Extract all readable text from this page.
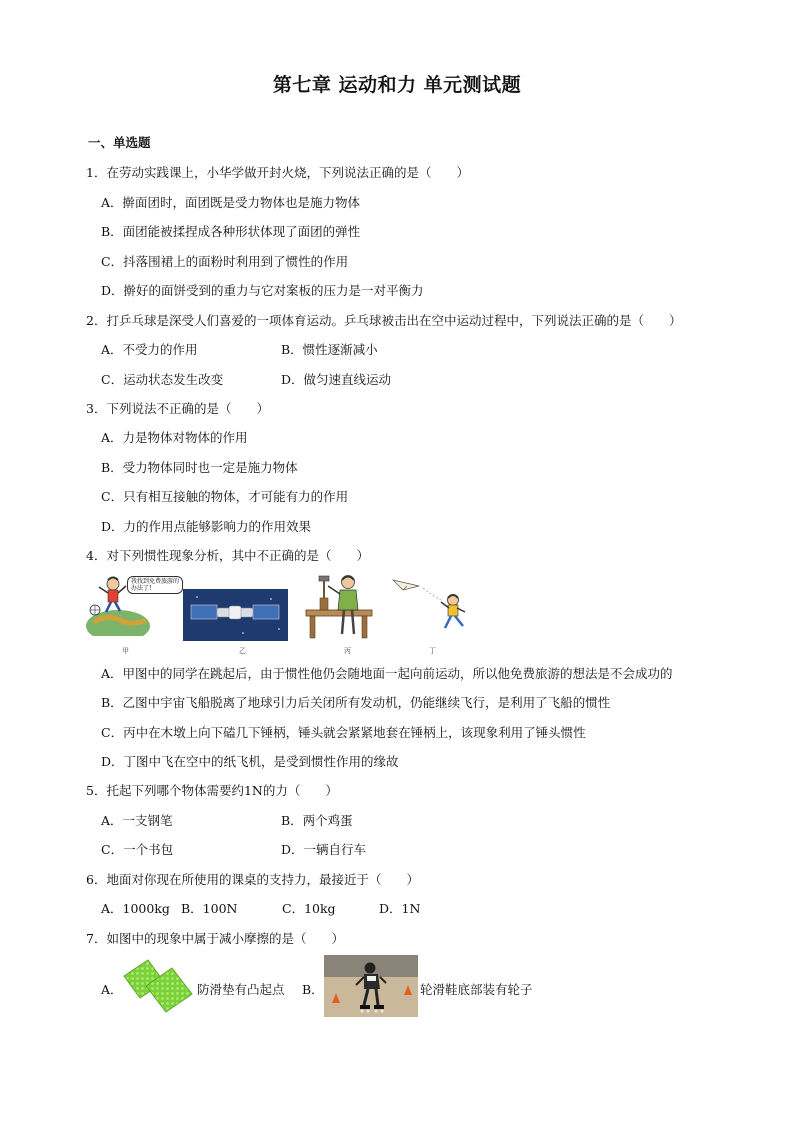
第七章 运动和力 单元测试题
一、单选题
1．在劳动实践课上，小华学做开封火烧，下列说法正确的是（　　）
A．擀面团时，面团既是受力物体也是施力物体
B．面团能被揉捏成各种形状体现了面团的弹性
C．抖落围裙上的面粉时利用到了惯性的作用
D．擀好的面饼受到的重力与它对案板的压力是一对平衡力
2．打乒乓球是深受人们喜爱的一项体育运动。乒乓球被击出在空中运动过程中，下列说法正确的是（　　）
A．不受力的作用	B．惯性逐渐减小
C．运动状态发生改变	D．做匀速直线运动
3．下列说法不正确的是（　　）
A．力是物体对物体的作用
B．受力物体同时也一定是施力物体
C．只有相互接触的物体，才可能有力的作用
D．力的作用点能够影响力的作用效果
4．对下列惯性现象分析，其中不正确的是（　　）
我找到免费旅游的办法了!
甲	乙	丙	丁
A．甲图中的同学在跳起后，由于惯性他仍会随地面一起向前运动，所以他免费旅游的想法是不会成功的
B．乙图中宇宙飞船脱离了地球引力后关闭所有发动机，仍能继续飞行，是利用了飞船的惯性
C．丙中在木墩上向下磕几下锤柄，锤头就会紧紧地套在锤柄上，该现象利用了锤头惯性
D．丁图中飞在空中的纸飞机，是受到惯性作用的缘故
5．托起下列哪个物体需要约1N的力（　　）
A．一支钢笔	B．两个鸡蛋
C．一个书包	D．一辆自行车
6．地面对你现在所使用的课桌的支持力，最接近于（　　）
A．1000kg B．100N	C．10kg	D．1N
7．如图中的现象中属于减小摩擦的是（　　）
A．	防滑垫有凸起点 B．	轮滑鞋底部装有轮子
